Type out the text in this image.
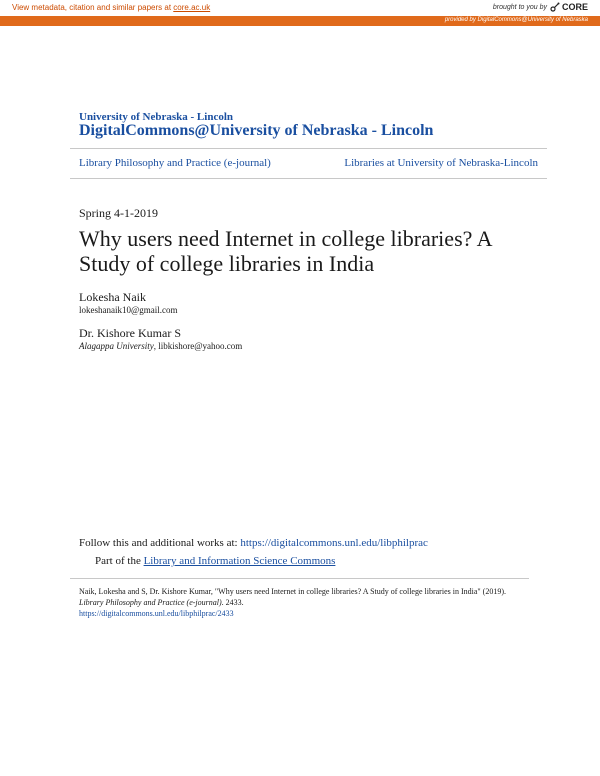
View metadata, citation and similar papers at core.ac.uk	brought to you by CORE
provided by DigitalCommons@University of Nebraska
University of Nebraska - Lincoln
DigitalCommons@University of Nebraska - Lincoln
Library Philosophy and Practice (e-journal)	Libraries at University of Nebraska-Lincoln
Spring 4-1-2019
Why users need Internet in college libraries? A Study of college libraries in India
Lokesha Naik
lokeshanaik10@gmail.com
Dr. Kishore Kumar S
Alagappa University, libkishore@yahoo.com
Follow this and additional works at: https://digitalcommons.unl.edu/libphilprac
Part of the Library and Information Science Commons
Naik, Lokesha and S, Dr. Kishore Kumar, "Why users need Internet in college libraries? A Study of college libraries in India" (2019). Library Philosophy and Practice (e-journal). 2433.
https://digitalcommons.unl.edu/libphilprac/2433
